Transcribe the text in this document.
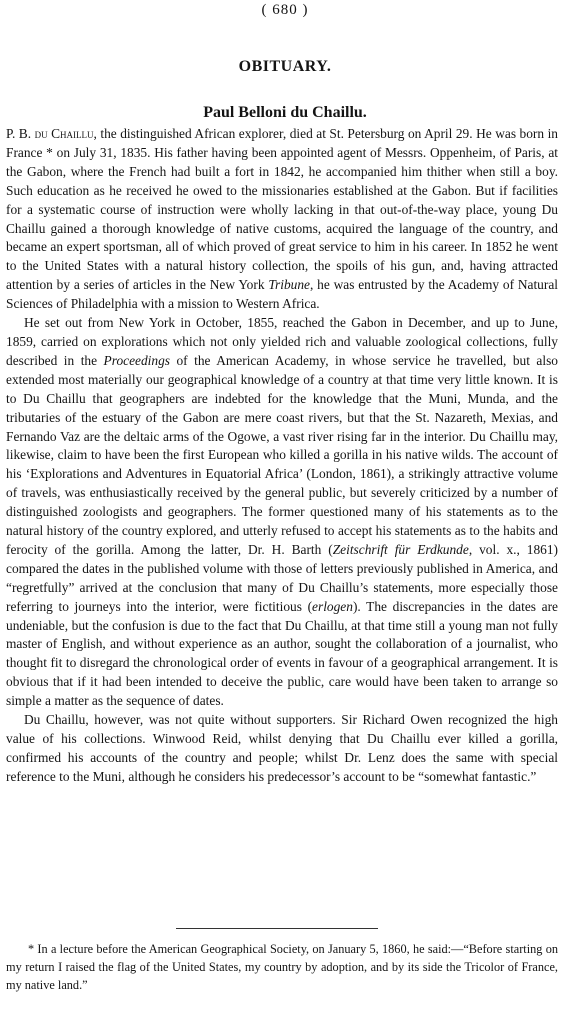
( 680 )
OBITUARY.
Paul Belloni du Chaillu.

P. B. du Chaillu, the distinguished African explorer, died at St. Petersburg on April 29. He was born in France * on July 31, 1835. His father having been appointed agent of Messrs. Oppenheim, of Paris, at the Gabon, where the French had built a fort in 1842, he accompanied him thither when still a boy. Such education as he received he owed to the missionaries established at the Gabon. But if facilities for a systematic course of instruction were wholly lacking in that out-of-the-way place, young Du Chaillu gained a thorough knowledge of native customs, acquired the language of the country, and became an expert sportsman, all of which proved of great service to him in his career. In 1852 he went to the United States with a natural history collection, the spoils of his gun, and, having attracted attention by a series of articles in the New York Tribune, he was entrusted by the Academy of Natural Sciences of Philadelphia with a mission to Western Africa.

He set out from New York in October, 1855, reached the Gabon in December, and up to June, 1859, carried on explorations which not only yielded rich and valuable zoological collections, fully described in the Proceedings of the American Academy, in whose service he travelled, but also extended most materially our geographical knowledge of a country at that time very little known. It is to Du Chaillu that geographers are indebted for the knowledge that the Muni, Munda, and the tributaries of the estuary of the Gabon are mere coast rivers, but that the St. Nazareth, Mexias, and Fernando Vaz are the deltaic arms of the Ogowe, a vast river rising far in the interior. Du Chaillu may, likewise, claim to have been the first European who killed a gorilla in his native wilds. The account of his ‘Explorations and Adventures in Equatorial Africa’ (London, 1861), a strikingly attractive volume of travels, was enthusiastically received by the general public, but severely criticized by a number of distinguished zoologists and geographers. The former questioned many of his statements as to the natural history of the country explored, and utterly refused to accept his statements as to the habits and ferocity of the gorilla. Among the latter, Dr. H. Barth (Zeitschrift für Erdkunde, vol. x., 1861) compared the dates in the published volume with those of letters previously published in America, and “regretfully” arrived at the conclusion that many of Du Chaillu’s statements, more especially those referring to journeys into the interior, were fictitious (erlogen). The discrepancies in the dates are undeniable, but the confusion is due to the fact that Du Chaillu, at that time still a young man not fully master of English, and without experience as an author, sought the collaboration of a journalist, who thought fit to disregard the chronological order of events in favour of a geographical arrangement. It is obvious that if it had been intended to deceive the public, care would have been taken to arrange so simple a matter as the sequence of dates.

Du Chaillu, however, was not quite without supporters. Sir Richard Owen recognized the high value of his collections. Winwood Reid, whilst denying that Du Chaillu ever killed a gorilla, confirmed his accounts of the country and people; whilst Dr. Lenz does the same with special reference to the Muni, although he considers his predecessor’s account to be “somewhat fantastic.”

* In a lecture before the American Geographical Society, on January 5, 1860, he said:—“Before starting on my return I raised the flag of the United States, my country by adoption, and by its side the Tricolor of France, my native land.”
